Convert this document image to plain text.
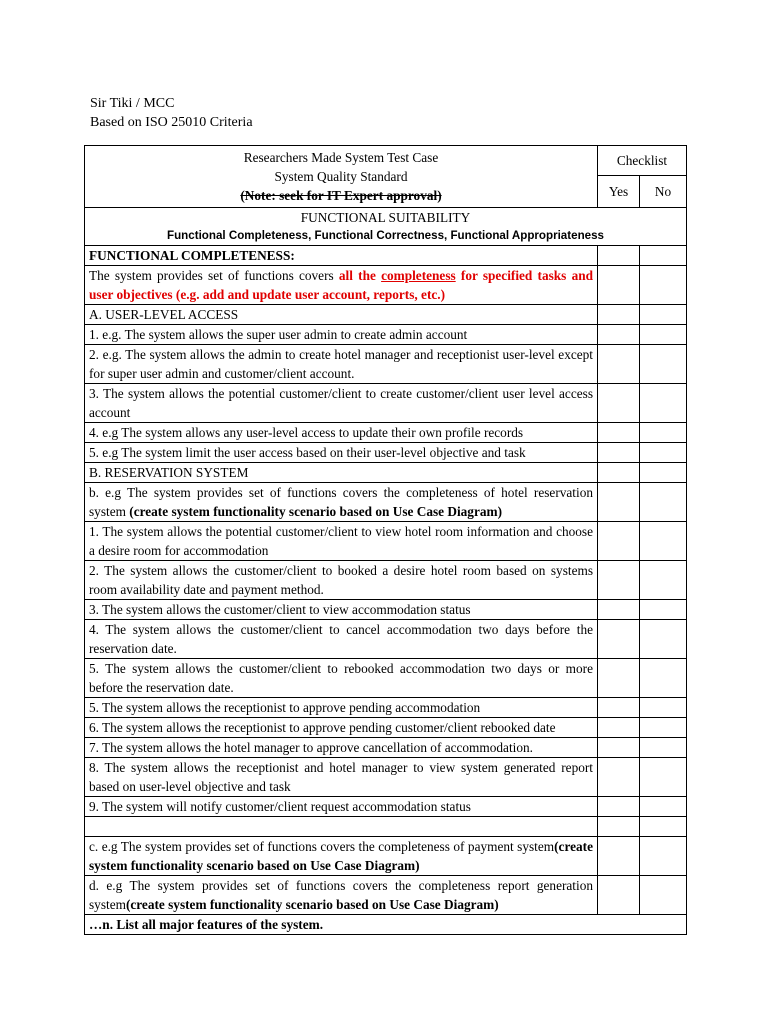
Sir Tiki / MCC
Based on ISO 25010 Criteria
Researchers Made System Test Case
System Quality Standard
(Note: seek for IT Expert approval)	Checklist	
	Yes	No

FUNCTIONAL SUITABILITY
Functional Completeness, Functional Correctness, Functional Appropriateness		

FUNCTIONAL COMPLETENESS:		
The system provides set of functions covers all the completeness for specified tasks and user objectives (e.g. add and update user account, reports, etc.)		
A. USER-LEVEL ACCESS		
1. e.g. The system allows the super user admin to create admin account		
2. e.g. The system allows the admin to create hotel manager and receptionist user-level except for super user admin and customer/client account.		
3. The system allows the potential customer/client to create customer/client user level access account		
4. e.g The system allows any user-level access to update their own profile records		
5. e.g The system limit the user access based on their user-level objective and task		
B. RESERVATION SYSTEM		
b. e.g The system provides set of functions covers the completeness of hotel reservation system (create system functionality scenario based on Use Case Diagram)		
1. The system allows the potential customer/client to view hotel room information and choose a desire room for accommodation		
2. The system allows the customer/client to booked a desire hotel room based on systems room availability date and payment method.		
3. The system allows the customer/client to view accommodation status		
4. The system allows the customer/client to cancel accommodation two days before the reservation date.		
5. The system allows the customer/client to rebooked accommodation two days or more before the reservation date.		
5. The system allows the receptionist to approve pending accommodation		
6. The system allows the receptionist to approve pending customer/client rebooked date		
7. The system allows the hotel manager to approve cancellation of accommodation.		
8. The system allows the receptionist and hotel manager to view system generated report based on user-level objective and task		
9. The system will notify customer/client request accommodation status		

c. e.g The system provides set of functions covers the completeness of payment system(create system functionality scenario based on Use Case Diagram)		
d. e.g The system provides set of functions covers the completeness report generation system(create system functionality scenario based on Use Case Diagram)		
…n. List all major features of the system.		
